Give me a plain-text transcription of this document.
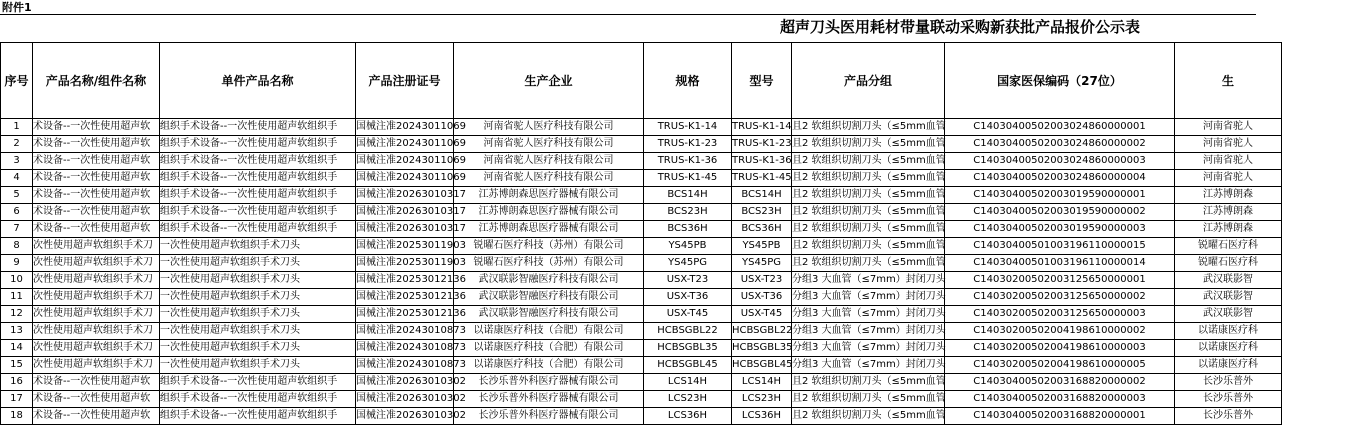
附件1
超声刀头医用耗材带量联动采购新获批产品报价公示表
序号	产品名称/组件名称	单件产品名称	产品注册证号	生产企业	规格	型号	产品分组	国家医保编码（27位）	生
1	术设备--一次性使用超声软	组织手术设备--一次性使用超声软组织手	国械注准20243011069	河南省驼人医疗科技有限公司	TRUS-K1-14	TRUS-K1-14	且2 软组织切割刀头（≤5mm血管	C14030400502003024860000001	河南省驼人
2	术设备--一次性使用超声软	组织手术设备--一次性使用超声软组织手	国械注准20243011069	河南省驼人医疗科技有限公司	TRUS-K1-23	TRUS-K1-23	且2 软组织切割刀头（≤5mm血管	C14030400502003024860000002	河南省驼人
3	术设备--一次性使用超声软	组织手术设备--一次性使用超声软组织手	国械注准20243011069	河南省驼人医疗科技有限公司	TRUS-K1-36	TRUS-K1-36	且2 软组织切割刀头（≤5mm血管	C14030400502003024860000003	河南省驼人
4	术设备--一次性使用超声软	组织手术设备--一次性使用超声软组织手	国械注准20243011069	河南省驼人医疗科技有限公司	TRUS-K1-45	TRUS-K1-45	且2 软组织切割刀头（≤5mm血管	C14030400502003024860000004	河南省驼人
5	术设备--一次性使用超声软	组织手术设备--一次性使用超声软组织手	国械注准20263010317	江苏博朗森思医疗器械有限公司	BCS14H	BCS14H	且2 软组织切割刀头（≤5mm血管	C14030400502003019590000001	江苏博朗森
6	术设备--一次性使用超声软	组织手术设备--一次性使用超声软组织手	国械注准20263010317	江苏博朗森思医疗器械有限公司	BCS23H	BCS23H	且2 软组织切割刀头（≤5mm血管	C14030400502003019590000002	江苏博朗森
7	术设备--一次性使用超声软	组织手术设备--一次性使用超声软组织手	国械注准20263010317	江苏博朗森思医疗器械有限公司	BCS36H	BCS36H	且2 软组织切割刀头（≤5mm血管	C14030400502003019590000003	江苏博朗森
8	次性使用超声软组织手术刀	一次性使用超声软组织手术刀头	国械注准20253011903	锐曜石医疗科技（苏州）有限公司	YS45PB	YS45PB	且2 软组织切割刀头（≤5mm血管	C14030400501003196110000015	锐曜石医疗科
9	次性使用超声软组织手术刀	一次性使用超声软组织手术刀头	国械注准20253011903	锐曜石医疗科技（苏州）有限公司	YS45PG	YS45PG	且2 软组织切割刀头（≤5mm血管	C14030400501003196110000014	锐曜石医疗科
10	次性使用超声软组织手术刀	一次性使用超声软组织手术刀头	国械注准20253012136	武汉联影智融医疗科技有限公司	USX-T23	USX-T23	分组3 大血管（≤7mm）封闭刀头	C14030200502003125650000001	武汉联影智
11	次性使用超声软组织手术刀	一次性使用超声软组织手术刀头	国械注准20253012136	武汉联影智融医疗科技有限公司	USX-T36	USX-T36	分组3 大血管（≤7mm）封闭刀头	C14030200502003125650000002	武汉联影智
12	次性使用超声软组织手术刀	一次性使用超声软组织手术刀头	国械注准20253012136	武汉联影智融医疗科技有限公司	USX-T45	USX-T45	分组3 大血管（≤7mm）封闭刀头	C14030200502003125650000003	武汉联影智
13	次性使用超声软组织手术刀	一次性使用超声软组织手术刀头	国械注准20243010873	以诺康医疗科技（合肥）有限公司	HCBSGBL22	HCBSGBL22	分组3 大血管（≤7mm）封闭刀头	C14030200502004198610000002	以诺康医疗科
14	次性使用超声软组织手术刀	一次性使用超声软组织手术刀头	国械注准20243010873	以诺康医疗科技（合肥）有限公司	HCBSGBL35	HCBSGBL35	分组3 大血管（≤7mm）封闭刀头	C14030200502004198610000003	以诺康医疗科
15	次性使用超声软组织手术刀	一次性使用超声软组织手术刀头	国械注准20243010873	以诺康医疗科技（合肥）有限公司	HCBSGBL45	HCBSGBL45	分组3 大血管（≤7mm）封闭刀头	C14030200502004198610000005	以诺康医疗科
16	术设备--一次性使用超声软	组织手术设备--一次性使用超声软组织手	国械注准20263010302	长沙乐普外科医疗器械有限公司	LCS14H	LCS14H	且2 软组织切割刀头（≤5mm血管	C14030400502003168820000002	长沙乐普外
17	术设备--一次性使用超声软	组织手术设备--一次性使用超声软组织手	国械注准20263010302	长沙乐普外科医疗器械有限公司	LCS23H	LCS23H	且2 软组织切割刀头（≤5mm血管	C14030400502003168820000003	长沙乐普外
18	术设备--一次性使用超声软	组织手术设备--一次性使用超声软组织手	国械注准20263010302	长沙乐普外科医疗器械有限公司	LCS36H	LCS36H	且2 软组织切割刀头（≤5mm血管	C14030400502003168820000001	长沙乐普外
